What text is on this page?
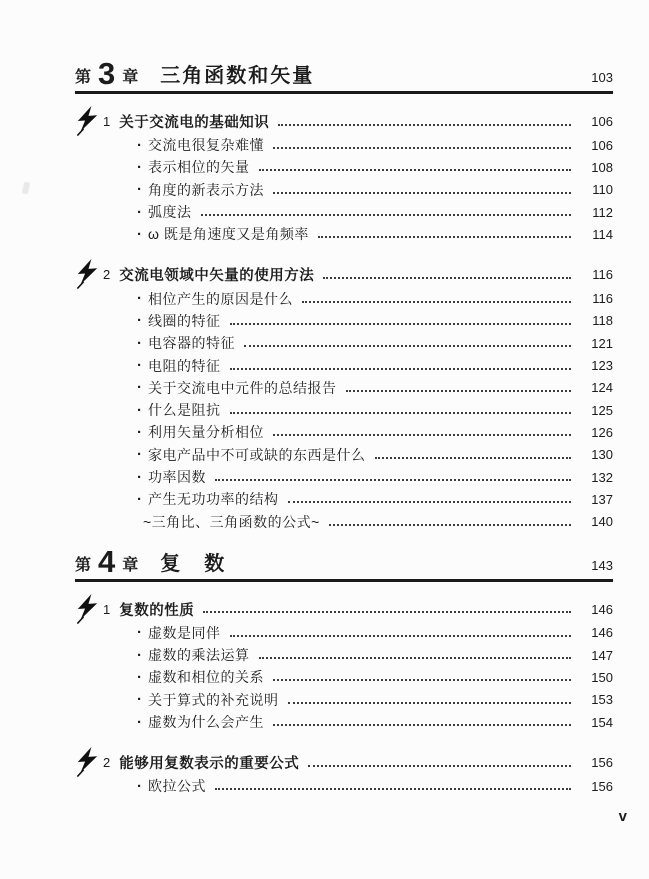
第 3 章 三角函数和矢量	103
1 关于交流电的基础知识	106
· 交流电很复杂难懂	106
· 表示相位的矢量	108
· 角度的新表示方法	110
· 弧度法	112
· ω 既是角速度又是角频率	114
2 交流电领域中矢量的使用方法	116
· 相位产生的原因是什么	116
· 线圈的特征	118
· 电容器的特征	121
· 电阻的特征	123
· 关于交流电中元件的总结报告	124
· 什么是阻抗	125
· 利用矢量分析相位	126
· 家电产品中不可或缺的东西是什么	130
· 功率因数	132
· 产生无功功率的结构	137
~三角比、三角函数的公式~	140
第 4 章 复　数	143
1 复数的性质	146
· 虚数是同伴	146
· 虚数的乘法运算	147
· 虚数和相位的关系	150
· 关于算式的补充说明	153
· 虚数为什么会产生	154
2 能够用复数表示的重要公式	156
· 欧拉公式	156
v
